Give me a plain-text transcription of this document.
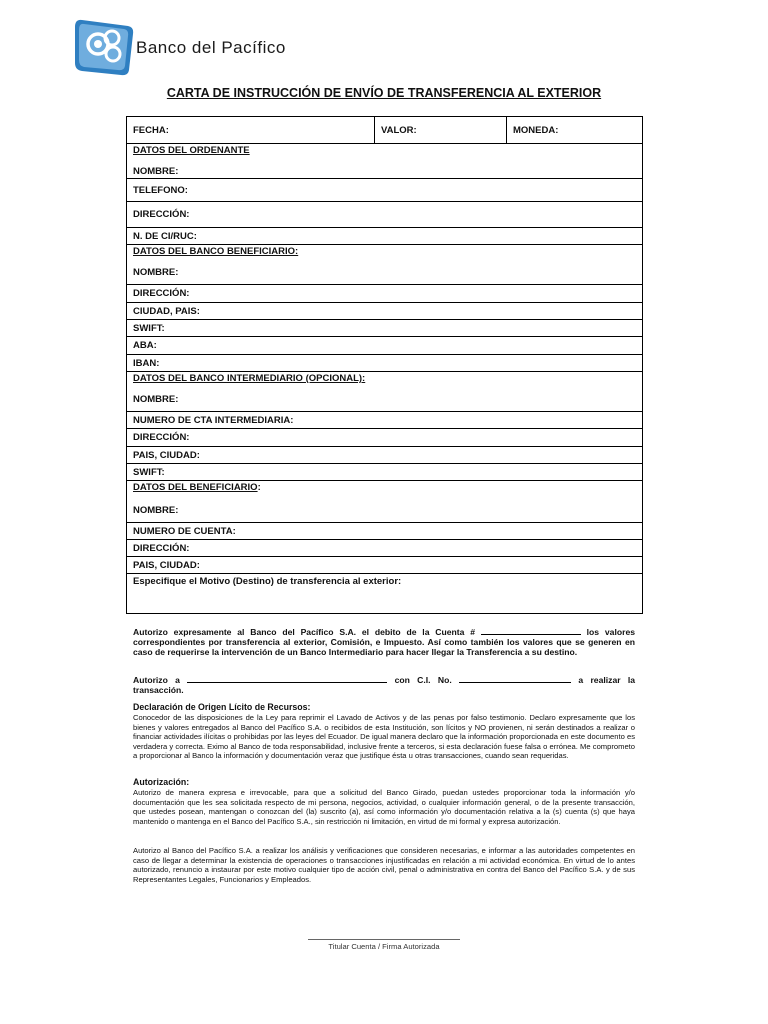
Banco del Pacífico
CARTA DE INSTRUCCIÓN DE ENVÍO DE TRANSFERENCIA AL EXTERIOR
FECHA:	VALOR:	MONEDA:

DATOS DEL ORDENANTE
NOMBRE:

TELEFONO:
DIRECCIÓN:
N. DE CI/RUC:

DATOS DEL BANCO BENEFICIARIO:
NOMBRE:

DIRECCIÓN:
CIUDAD, PAIS:
SWIFT:
ABA:
IBAN:

DATOS DEL BANCO INTERMEDIARIO (OPCIONAL):
NOMBRE:

NUMERO DE CTA INTERMEDIARIA:
DIRECCIÓN:
PAIS, CIUDAD:
SWIFT:

DATOS DEL BENEFICIARIO:
NOMBRE:

NUMERO DE CUENTA:
DIRECCIÓN:
PAIS, CIUDAD:

Especifique el Motivo (Destino) de transferencia al exterior:
Autorizo expresamente al Banco del Pacífico S.A. el debito de la Cuenta #	los valores correspondientes por transferencia al exterior, Comisión, e Impuesto. Así como también los valores que se generen en caso de requerirse la intervención de un Banco Intermediario para hacer llegar la Transferencia a su destino.
Autorizo a	con C.I. No.	a realizar la transacción.
Declaración de Origen Lícito de Recursos:
Conocedor de las disposiciones de la Ley para reprimir el Lavado de Activos y de las penas por falso testimonio. Declaro expresamente que los bienes y valores entregados al Banco del Pacífico S.A. o recibidos de esta Institución, son lícitos y NO provienen, ni serán destinados a realizar o financiar actividades ilícitas o prohibidas por las leyes del Ecuador. De igual manera declaro que la información proporcionada en este documento es verdadera y correcta. Eximo al Banco de toda responsabilidad, inclusive frente a terceros, si esta declaración fuese falsa o errónea. Me comprometo a proporcionar al Banco la información y documentación veraz que justifique ésta u otras transacciones, cuando sean requeridas.
Autorización:
Autorizo de manera expresa e irrevocable, para que a solicitud del Banco Girado, puedan ustedes proporcionar toda la información y/o documentación que les sea solicitada respecto de mi persona, negocios, actividad, o cualquier información general, o de la presente transacción, que ustedes posean, mantengan o conozcan del (la) suscrito (a), así como información y/o documentación relativa a la (s) cuenta (s) que haya mantenido o mantenga en el Banco del Pacífico S.A., sin restricción ni limitación, en virtud de mi formal y expresa autorización.
Autorizo al Banco del Pacífico S.A. a realizar los análisis y verificaciones que consideren necesarias, e informar a las autoridades competentes en caso de llegar a determinar la existencia de operaciones o transacciones injustificadas en relación a mi actividad económica. En virtud de lo antes autorizado, renuncio a instaurar por este motivo cualquier tipo de acción civil, penal o administrativa en contra del Banco del Pacífico S.A. y de sus Representantes Legales, Funcionarios y Empleados.
Titular Cuenta / Firma Autorizada
